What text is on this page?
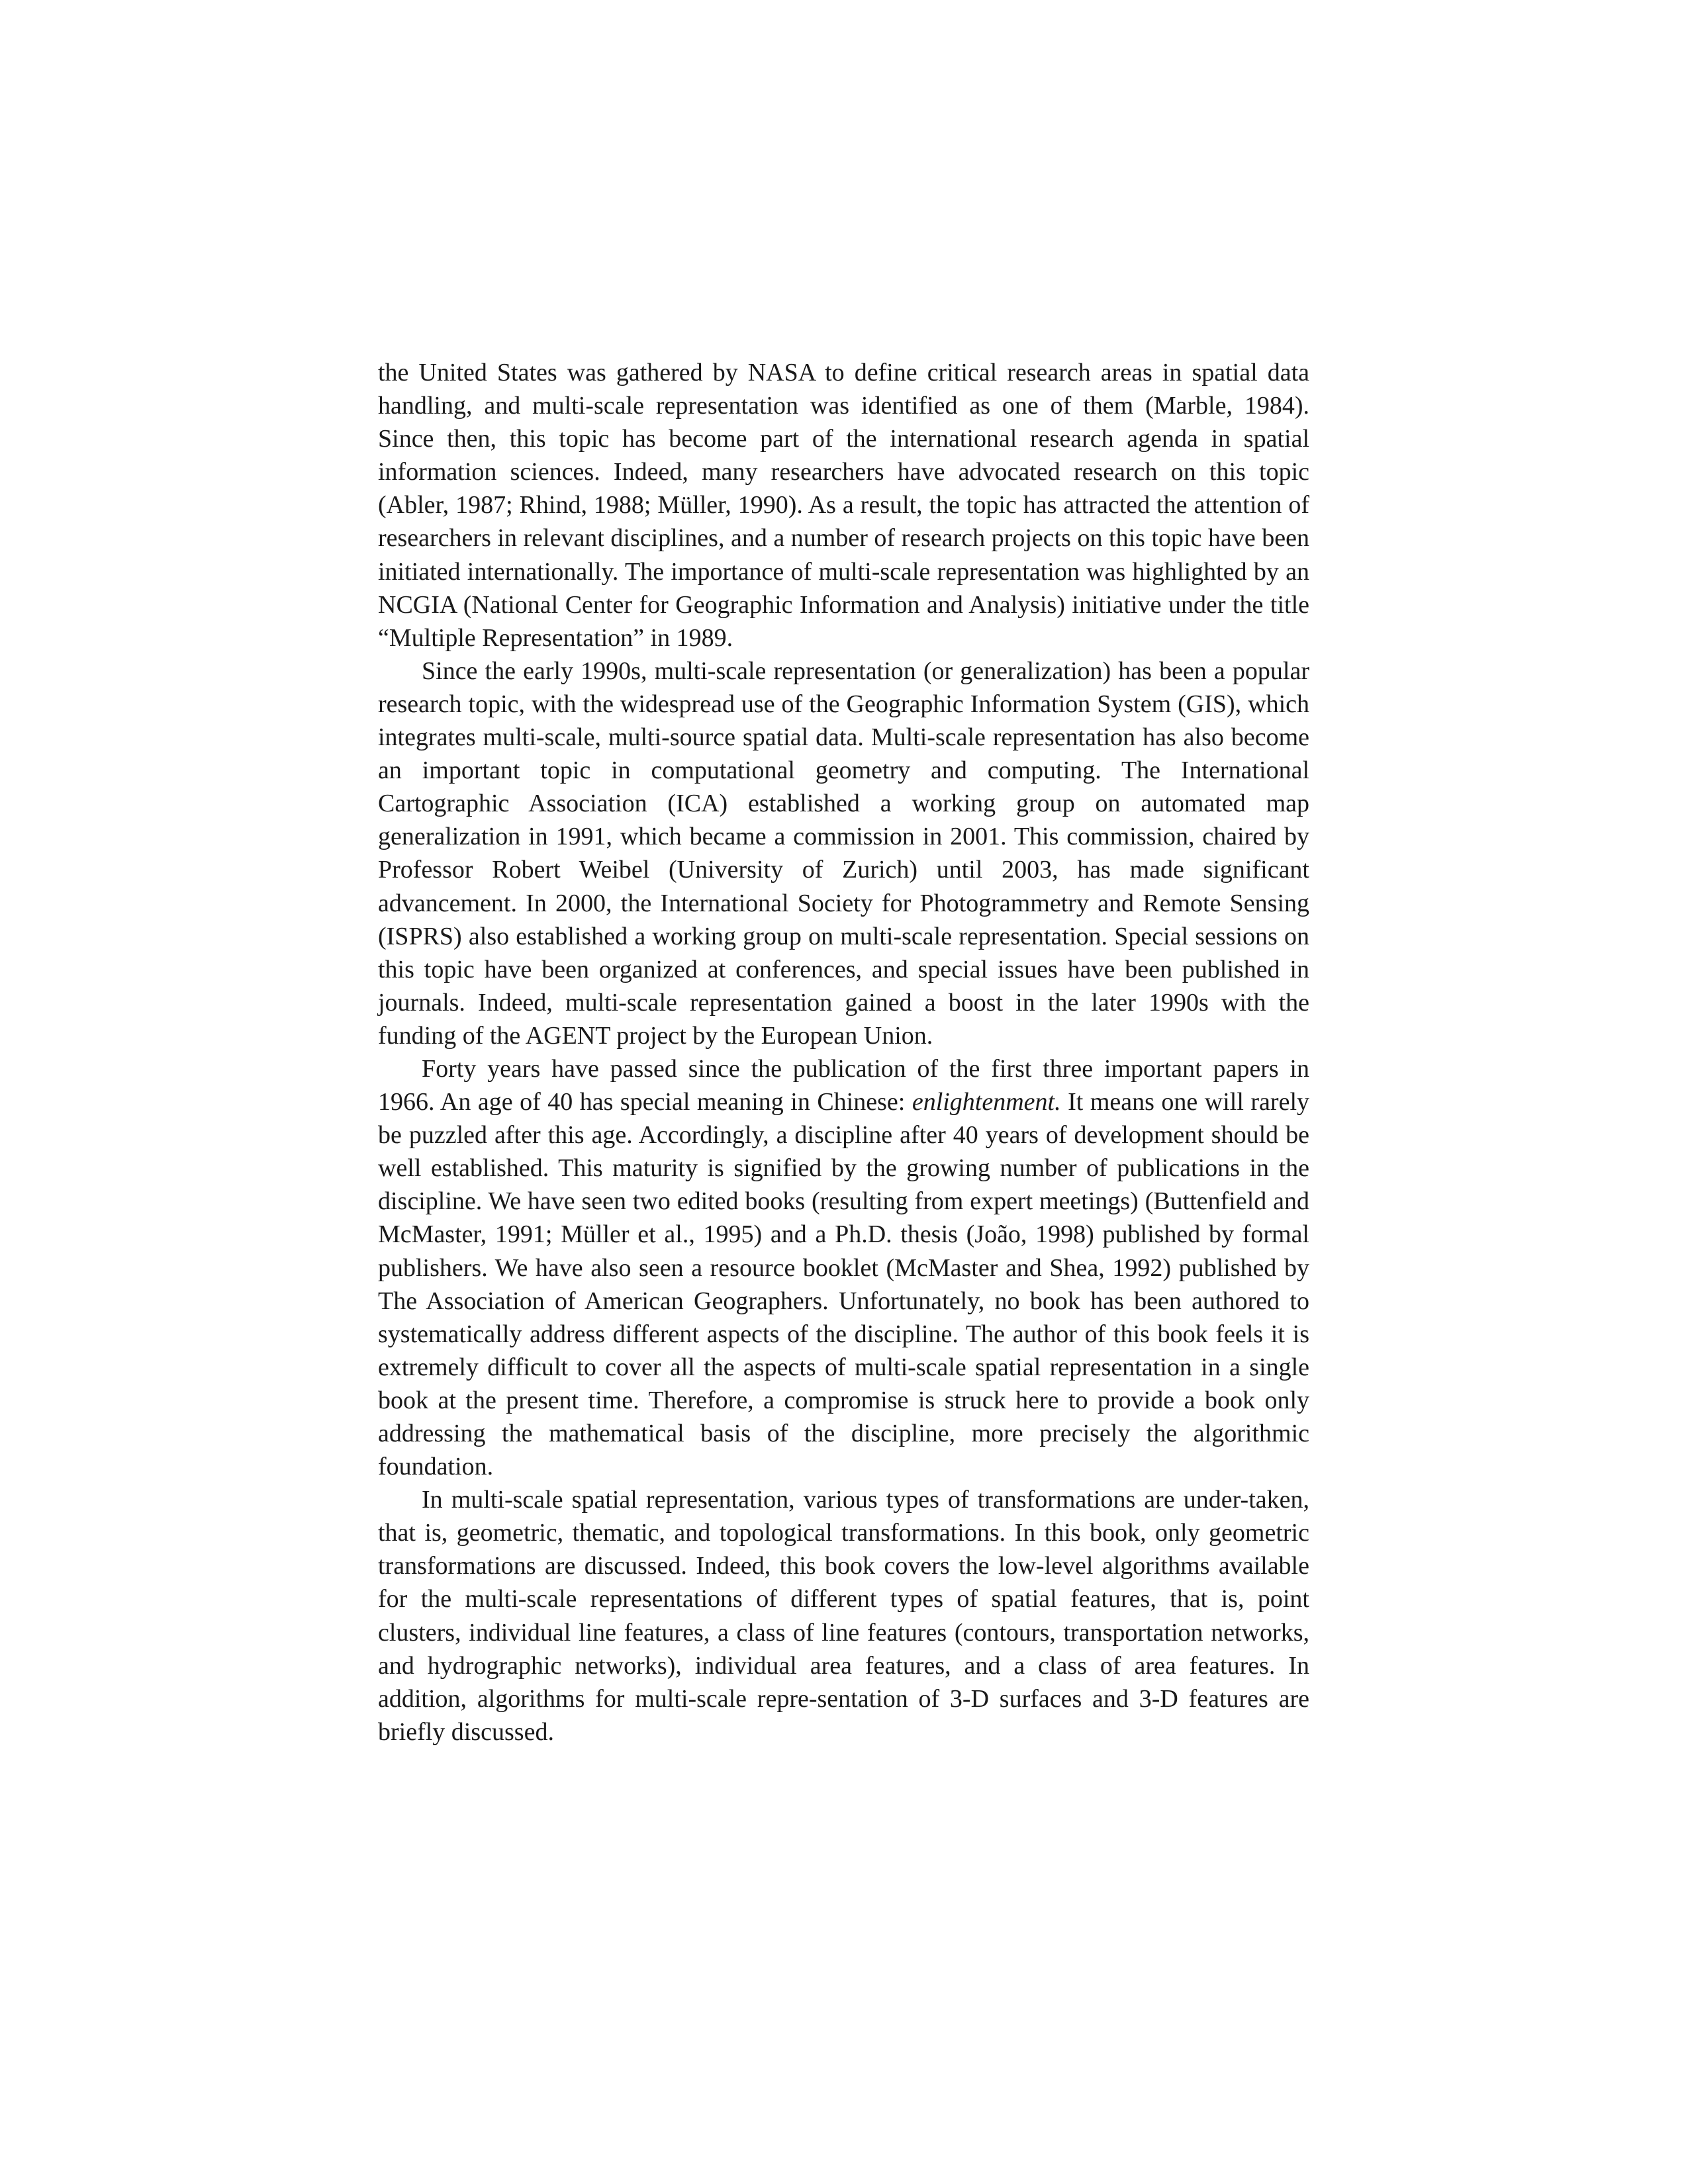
the United States was gathered by NASA to define critical research areas in spatial data handling, and multi-scale representation was identified as one of them (Marble, 1984). Since then, this topic has become part of the international research agenda in spatial information sciences. Indeed, many researchers have advocated research on this topic (Abler, 1987; Rhind, 1988; Müller, 1990). As a result, the topic has attracted the attention of researchers in relevant disciplines, and a number of research projects on this topic have been initiated internationally. The importance of multi-scale representation was highlighted by an NCGIA (National Center for Geographic Information and Analysis) initiative under the title “Multiple Representation” in 1989.

Since the early 1990s, multi-scale representation (or generalization) has been a popular research topic, with the widespread use of the Geographic Information System (GIS), which integrates multi-scale, multi-source spatial data. Multi-scale representation has also become an important topic in computational geometry and computing. The International Cartographic Association (ICA) established a working group on automated map generalization in 1991, which became a commission in 2001. This commission, chaired by Professor Robert Weibel (University of Zurich) until 2003, has made significant advancement. In 2000, the International Society for Photogrammetry and Remote Sensing (ISPRS) also established a working group on multi-scale representation. Special sessions on this topic have been organized at conferences, and special issues have been published in journals. Indeed, multi-scale representation gained a boost in the later 1990s with the funding of the AGENT project by the European Union.

Forty years have passed since the publication of the first three important papers in 1966. An age of 40 has special meaning in Chinese: enlightenment. It means one will rarely be puzzled after this age. Accordingly, a discipline after 40 years of development should be well established. This maturity is signified by the growing number of publications in the discipline. We have seen two edited books (resulting from expert meetings) (Buttenfield and McMaster, 1991; Müller et al., 1995) and a Ph.D. thesis (João, 1998) published by formal publishers. We have also seen a resource booklet (McMaster and Shea, 1992) published by The Association of American Geographers. Unfortunately, no book has been authored to systematically address different aspects of the discipline. The author of this book feels it is extremely difficult to cover all the aspects of multi-scale spatial representation in a single book at the present time. Therefore, a compromise is struck here to provide a book only addressing the mathematical basis of the discipline, more precisely the algorithmic foundation.

In multi-scale spatial representation, various types of transformations are under-taken, that is, geometric, thematic, and topological transformations. In this book, only geometric transformations are discussed. Indeed, this book covers the low-level algorithms available for the multi-scale representations of different types of spatial features, that is, point clusters, individual line features, a class of line features (contours, transportation networks, and hydrographic networks), individual area features, and a class of area features. In addition, algorithms for multi-scale repre-sentation of 3-D surfaces and 3-D features are briefly discussed.
